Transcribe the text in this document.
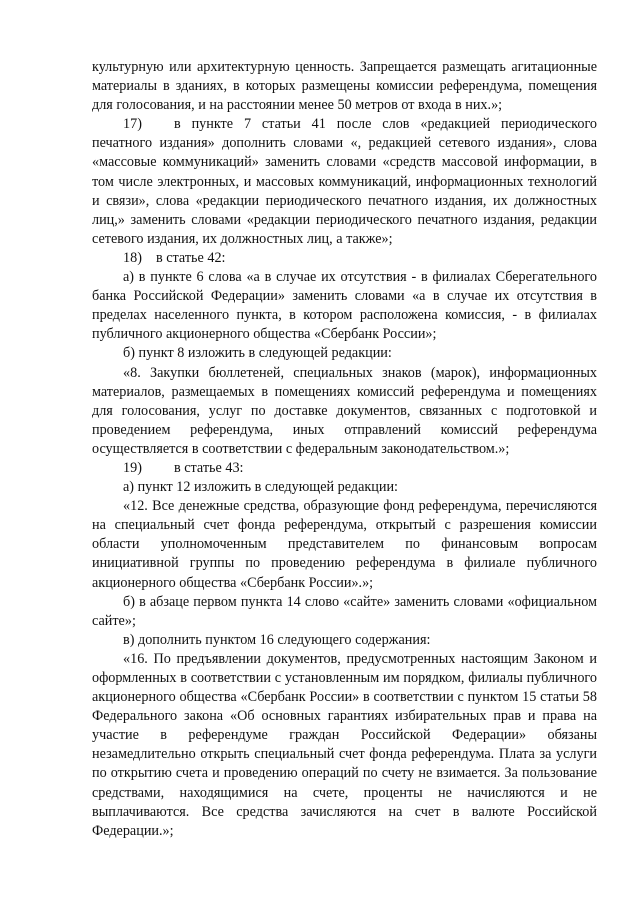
культурную или архитектурную ценность. Запрещается размещать агитационные материалы в зданиях, в которых размещены комиссии референдума, помещения для голосования, и на расстоянии менее 50 метров от входа в них.»;

17) в пункте 7 статьи 41 после слов «редакцией периодического печатного издания» дополнить словами «, редакцией сетевого издания», слова «массовые коммуникаций» заменить словами «средств массовой информации, в том числе электронных, и массовых коммуникаций, информационных технологий и связи», слова «редакции периодического печатного издания, их должностных лиц,» заменить словами «редакции периодического печатного издания, редакции сетевого издания, их должностных лиц, а также»;

18) в статье 42:

а) в пункте 6 слова «а в случае их отсутствия - в филиалах Сберегательного банка Российской Федерации» заменить словами «а в случае их отсутствия в пределах населенного пункта, в котором расположена комиссия, - в филиалах публичного акционерного общества «Сбербанк России»;

б) пункт 8 изложить в следующей редакции:

«8. Закупки бюллетеней, специальных знаков (марок), информационных материалов, размещаемых в помещениях комиссий референдума и помещениях для голосования, услуг по доставке документов, связанных с подготовкой и проведением референдума, иных отправлений комиссий референдума осуществляется в соответствии с федеральным законодательством.»;

19) в статье 43:

а) пункт 12 изложить в следующей редакции:

«12. Все денежные средства, образующие фонд референдума, перечисляются на специальный счет фонда референдума, открытый с разрешения комиссии области уполномоченным представителем по финансовым вопросам инициативной группы по проведению референдума в филиале публичного акционерного общества «Сбербанк России».»;

б) в абзаце первом пункта 14 слово «сайте» заменить словами «официальном сайте»;

в) дополнить пунктом 16 следующего содержания:

«16. По предъявлении документов, предусмотренных настоящим Законом и оформленных в соответствии с установленным им порядком, филиалы публичного акционерного общества «Сбербанк России» в соответствии с пунктом 15 статьи 58 Федерального закона «Об основных гарантиях избирательных прав и права на участие в референдуме граждан Российской Федерации» обязаны незамедлительно открыть специальный счет фонда референдума. Плата за услуги по открытию счета и проведению операций по счету не взимается. За пользование средствами, находящимися на счете, проценты не начисляются и не выплачиваются. Все средства зачисляются на счет в валюте Российской Федерации.»;
